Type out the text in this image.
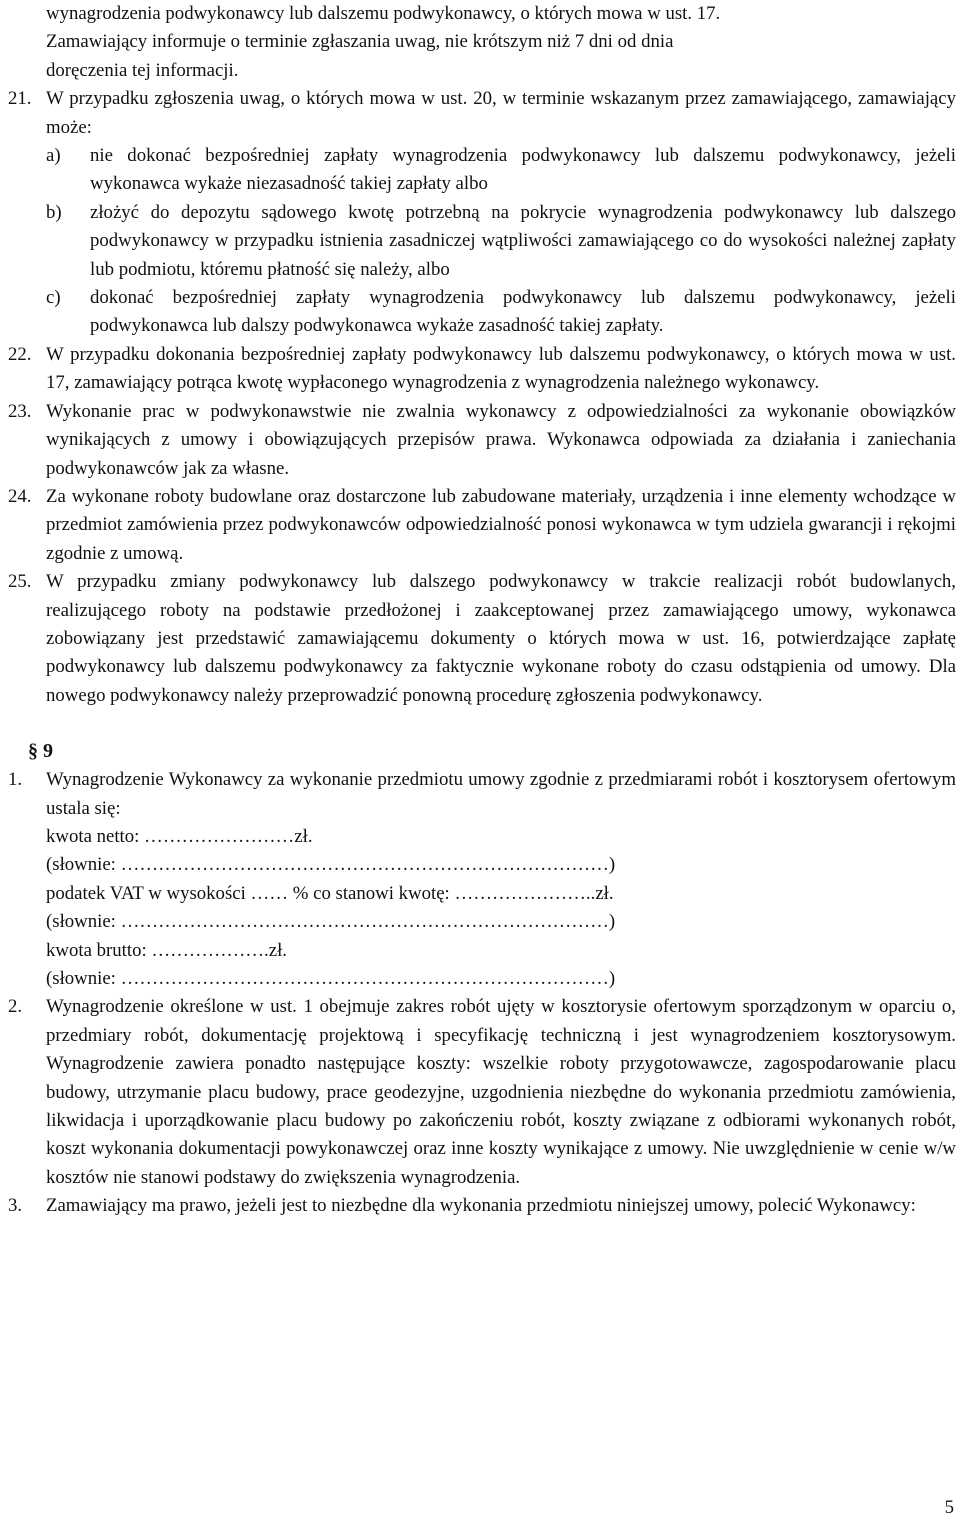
wynagrodzenia podwykonawcy lub dalszemu podwykonawcy, o których mowa w ust. 17.
Zamawiający informuje o terminie zgłaszania uwag, nie krótszym niż 7 dni od dnia
doręczenia tej informacji.
21. W przypadku zgłoszenia uwag, o których mowa w ust. 20, w terminie wskazanym przez zamawiającego, zamawiający może:
a)	nie dokonać bezpośredniej zapłaty wynagrodzenia podwykonawcy lub dalszemu podwykonawcy, jeżeli wykonawca wykaże niezasadność takiej zapłaty albo
b)	złożyć do depozytu sądowego kwotę potrzebną na pokrycie wynagrodzenia podwykonawcy lub dalszego podwykonawcy w przypadku istnienia zasadniczej wątpliwości zamawiającego co do wysokości należnej zapłaty lub podmiotu, któremu płatność się należy, albo
c)	dokonać bezpośredniej zapłaty wynagrodzenia podwykonawcy lub dalszemu podwykonawcy, jeżeli podwykonawca lub dalszy podwykonawca wykaże zasadność takiej zapłaty.
22. W przypadku dokonania bezpośredniej zapłaty podwykonawcy lub dalszemu podwykonawcy, o których mowa w ust. 17, zamawiający potrąca kwotę wypłaconego wynagrodzenia z wynagrodzenia należnego wykonawcy.
23. Wykonanie prac w podwykonawstwie nie zwalnia wykonawcy z odpowiedzialności za wykonanie obowiązków wynikających z umowy i obowiązujących przepisów prawa. Wykonawca odpowiada za działania i zaniechania podwykonawców jak za własne.
24. Za wykonane roboty budowlane oraz dostarczone lub zabudowane materiały, urządzenia i inne elementy wchodzące w przedmiot zamówienia przez podwykonawców odpowiedzialność ponosi wykonawca w tym udziela gwarancji i rękojmi zgodnie z umową.
25. W przypadku zmiany podwykonawcy lub dalszego podwykonawcy w trakcie realizacji robót budowlanych, realizującego roboty na podstawie przedłożonej i zaakceptowanej przez zamawiającego umowy, wykonawca zobowiązany jest przedstawić zamawiającemu dokumenty o których mowa w ust. 16, potwierdzające zapłatę podwykonawcy lub dalszemu podwykonawcy za faktycznie wykonane roboty do czasu odstąpienia od umowy. Dla nowego podwykonawcy należy przeprowadzić ponowną procedurę zgłoszenia podwykonawcy.
§ 9
1.	Wynagrodzenie Wykonawcy za wykonanie przedmiotu umowy zgodnie z przedmiarami robót i kosztorysem ofertowym ustala się:
kwota netto: ……………………zł.
(słownie: ……………………………………………………………………)
podatek VAT w wysokości …… % co stanowi kwotę: …………………..zł.
(słownie: ……………………………………………………………………)
kwota brutto: ……………….zł.
(słownie: ……………………………………………………………………)
2.	Wynagrodzenie określone w ust. 1 obejmuje zakres robót ujęty w kosztorysie ofertowym sporządzonym w oparciu o, przedmiary robót, dokumentację projektową i specyfikację techniczną i jest wynagrodzeniem kosztorysowym. Wynagrodzenie zawiera ponadto następujące koszty: wszelkie roboty przygotowawcze, zagospodarowanie placu budowy, utrzymanie placu budowy, prace geodezyjne, uzgodnienia niezbędne do wykonania przedmiotu zamówienia, likwidacja i uporządkowanie placu budowy po zakończeniu robót, koszty związane z odbiorami wykonanych robót, koszt wykonania dokumentacji powykonawczej oraz inne koszty wynikające z umowy. Nie uwzględnienie w cenie w/w kosztów nie stanowi podstawy do zwiększenia wynagrodzenia.
3.	Zamawiający ma prawo, jeżeli jest to niezbędne dla wykonania przedmiotu niniejszej umowy, polecić Wykonawcy:
5
